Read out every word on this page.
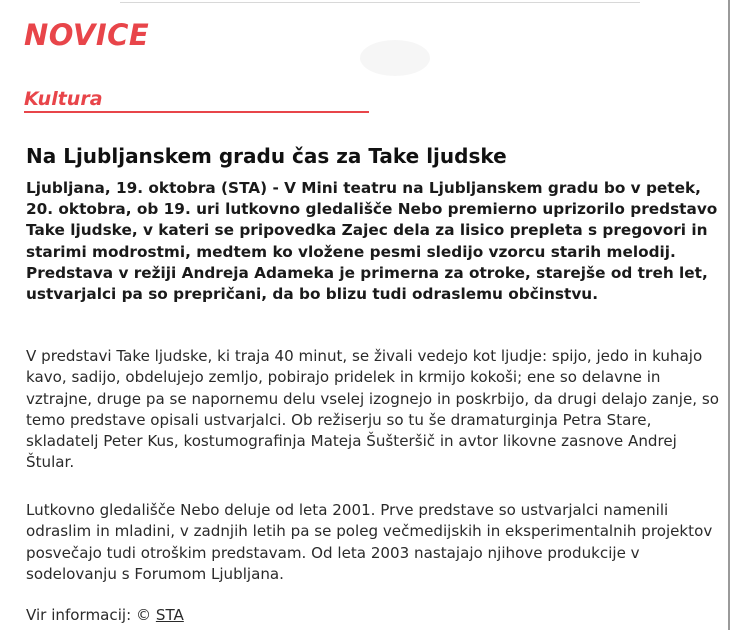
NOVICE
Kultura
Na Ljubljanskem gradu čas za Take ljudske
Ljubljana, 19. oktobra (STA) - V Mini teatru na Ljubljanskem gradu bo v petek, 20. oktobra, ob 19. uri lutkovno gledališče Nebo premierno uprizorilo predstavo Take ljudske, v kateri se pripovedka Zajec dela za lisico prepleta s pregovori in starimi modrostmi, medtem ko vložene pesmi sledijo vzorcu starih melodij. Predstava v režiji Andreja Adameka je primerna za otroke, starejše od treh let, ustvarjalci pa so prepričani, da bo blizu tudi odraslemu občinstvu.
V predstavi Take ljudske, ki traja 40 minut, se živali vedejo kot ljudje: spijo, jedo in kuhajo kavo, sadijo, obdelujejo zemljo, pobirajo pridelek in krmijo kokoši; ene so delavne in vztrajne, druge pa se napornemu delu vselej izognejo in poskrbijo, da drugi delajo zanje, so temo predstave opisali ustvarjalci. Ob režiserju so tu še dramaturginja Petra Stare, skladatelj Peter Kus, kostumografinja Mateja Šušteršič in avtor likovne zasnove Andrej Štular.
Lutkovno gledališče Nebo deluje od leta 2001. Prve predstave so ustvarjalci namenili odraslim in mladini, v zadnjih letih pa se poleg večmedijskih in eksperimentalnih projektov posvečajo tudi otroškim predstavam. Od leta 2003 nastajajo njihove produkcije v sodelovanju s Forumom Ljubljana.
Vir informacij: © STA
